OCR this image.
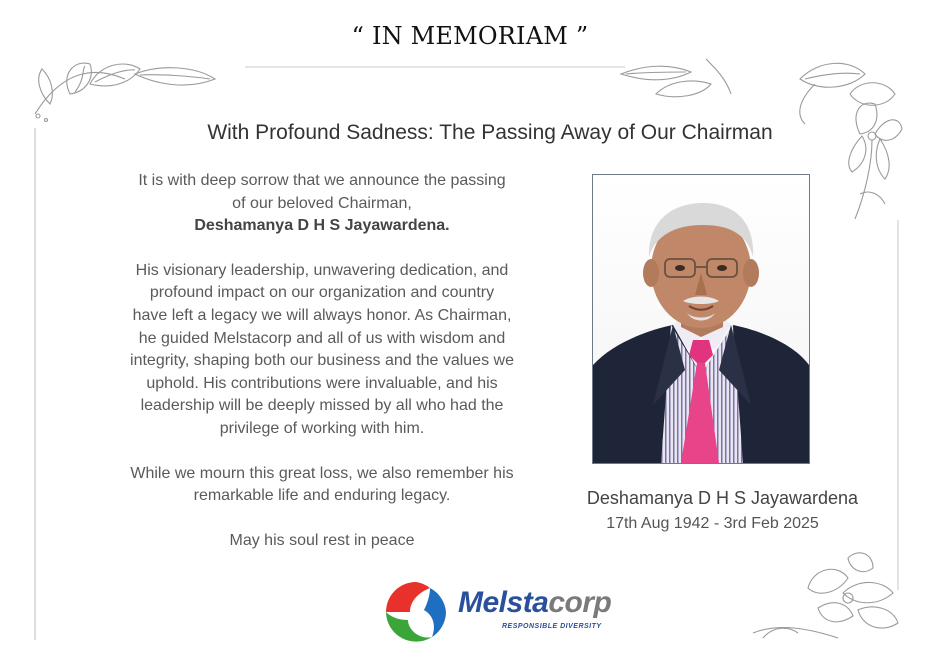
“ IN MEMORIAM ”
With Profound Sadness: The Passing Away of Our Chairman

It is with deep sorrow that we announce the passing

of our beloved Chairman,

Deshamanya D H S Jayawardena.

His visionary leadership, unwavering dedication, and

profound impact on our organization and country

have left a legacy we will always honor. As Chairman,

he guided Melstacorp and all of us with wisdom and

integrity, shaping both our business and the values we

uphold. His contributions were invaluable, and his

leadership will be deeply missed by all who had the

privilege of working with him.

While we mourn this great loss, we also remember his

remarkable life and enduring legacy.

May his soul rest in peace

Deshamanya D H S Jayawardena
17th Aug 1942 - 3rd Feb 2025
Melstacorp
RESPONSIBLE DIVERSITY
